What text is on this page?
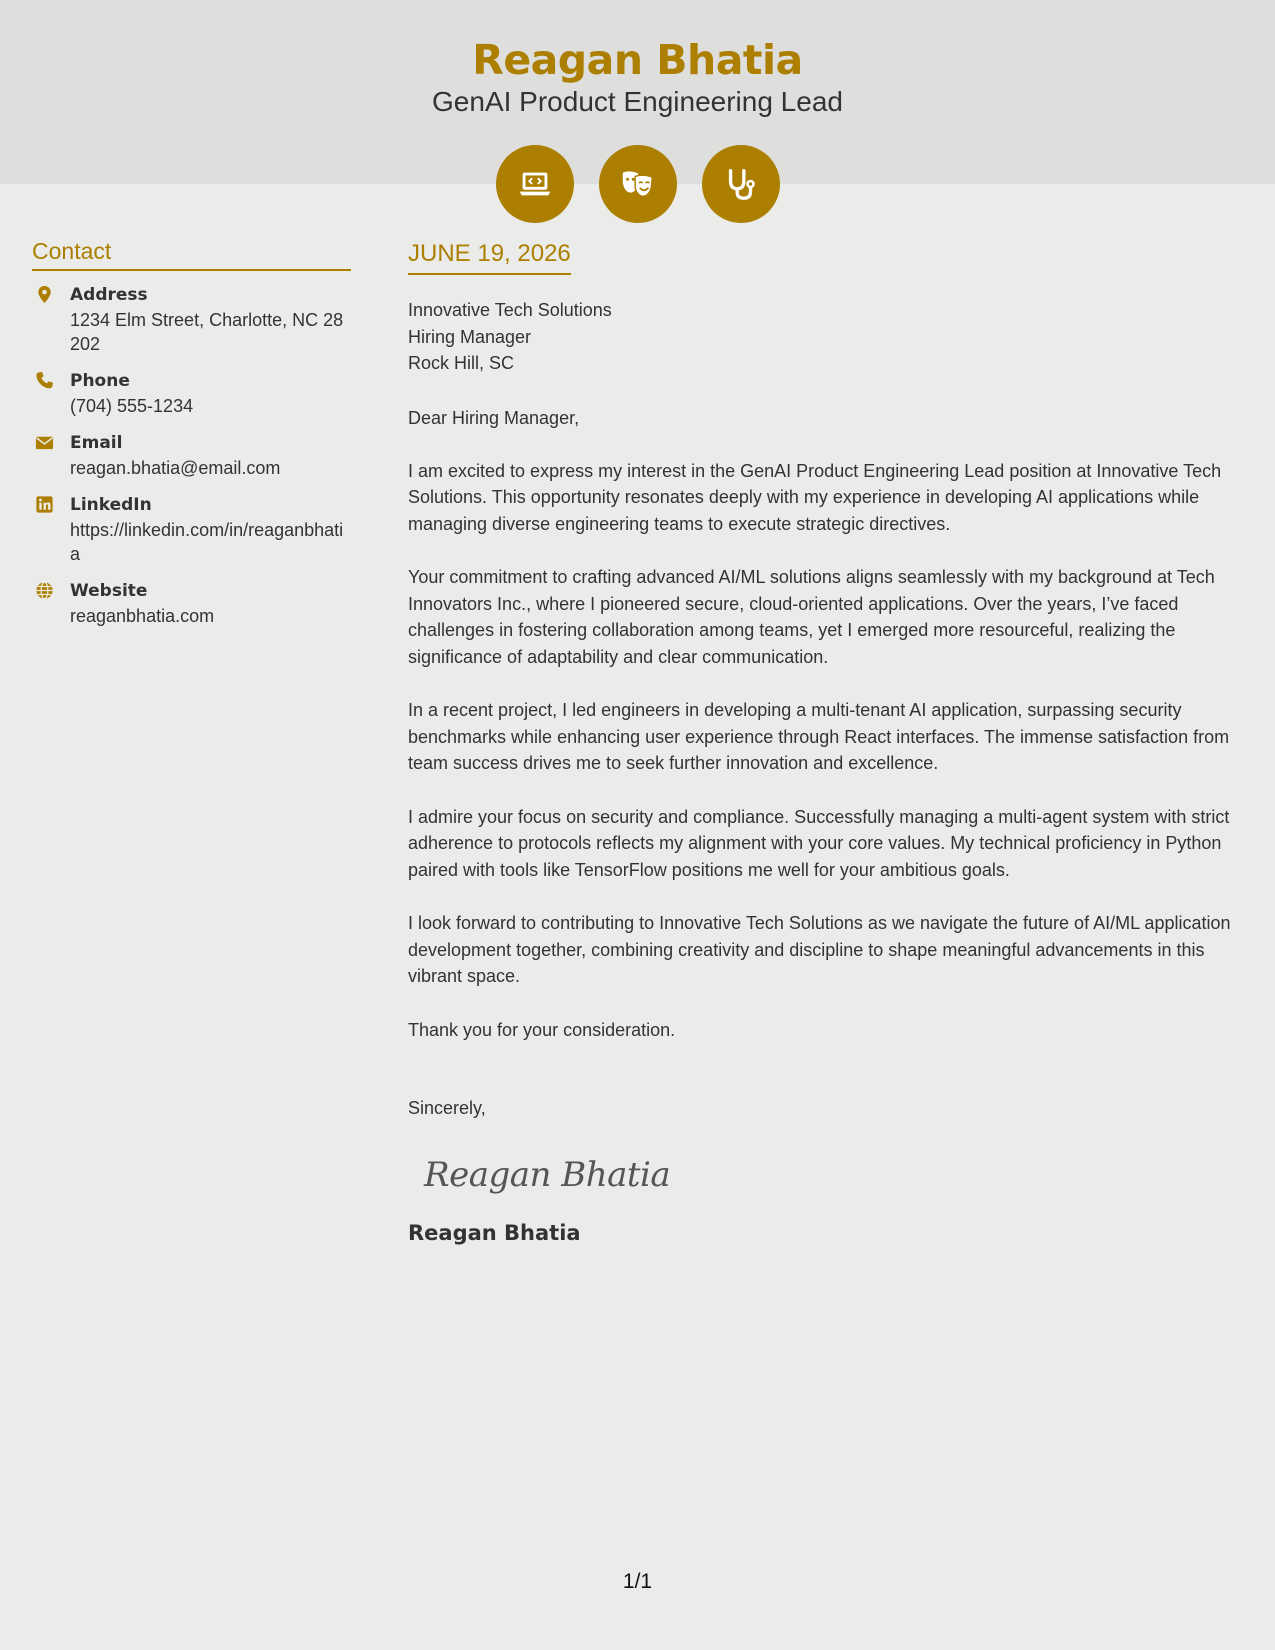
Reagan Bhatia
GenAI Product Engineering Lead
Contact
Address
1234 Elm Street, Charlotte, NC 28202
Phone
(704) 555-1234
Email
reagan.bhatia@email.com
LinkedIn
https://linkedin.com/in/reaganbhatia
Website
reaganbhatia.com
JUNE 19, 2026
Innovative Tech Solutions
Hiring Manager
Rock Hill, SC
Dear Hiring Manager,
I am excited to express my interest in the GenAI Product Engineering Lead position at Innovative Tech Solutions. This opportunity resonates deeply with my experience in developing AI applications while managing diverse engineering teams to execute strategic directives.
Your commitment to crafting advanced AI/ML solutions aligns seamlessly with my background at Tech Innovators Inc., where I pioneered secure, cloud-oriented applications. Over the years, I’ve faced challenges in fostering collaboration among teams, yet I emerged more resourceful, realizing the significance of adaptability and clear communication.
In a recent project, I led engineers in developing a multi-tenant AI application, surpassing security benchmarks while enhancing user experience through React interfaces. The immense satisfaction from team success drives me to seek further innovation and excellence.
I admire your focus on security and compliance. Successfully managing a multi-agent system with strict adherence to protocols reflects my alignment with your core values. My technical proficiency in Python paired with tools like TensorFlow positions me well for your ambitious goals.
I look forward to contributing to Innovative Tech Solutions as we navigate the future of AI/ML application development together, combining creativity and discipline to shape meaningful advancements in this vibrant space.
Thank you for your consideration.
Sincerely,
Reagan Bhatia
Reagan Bhatia
1/1
